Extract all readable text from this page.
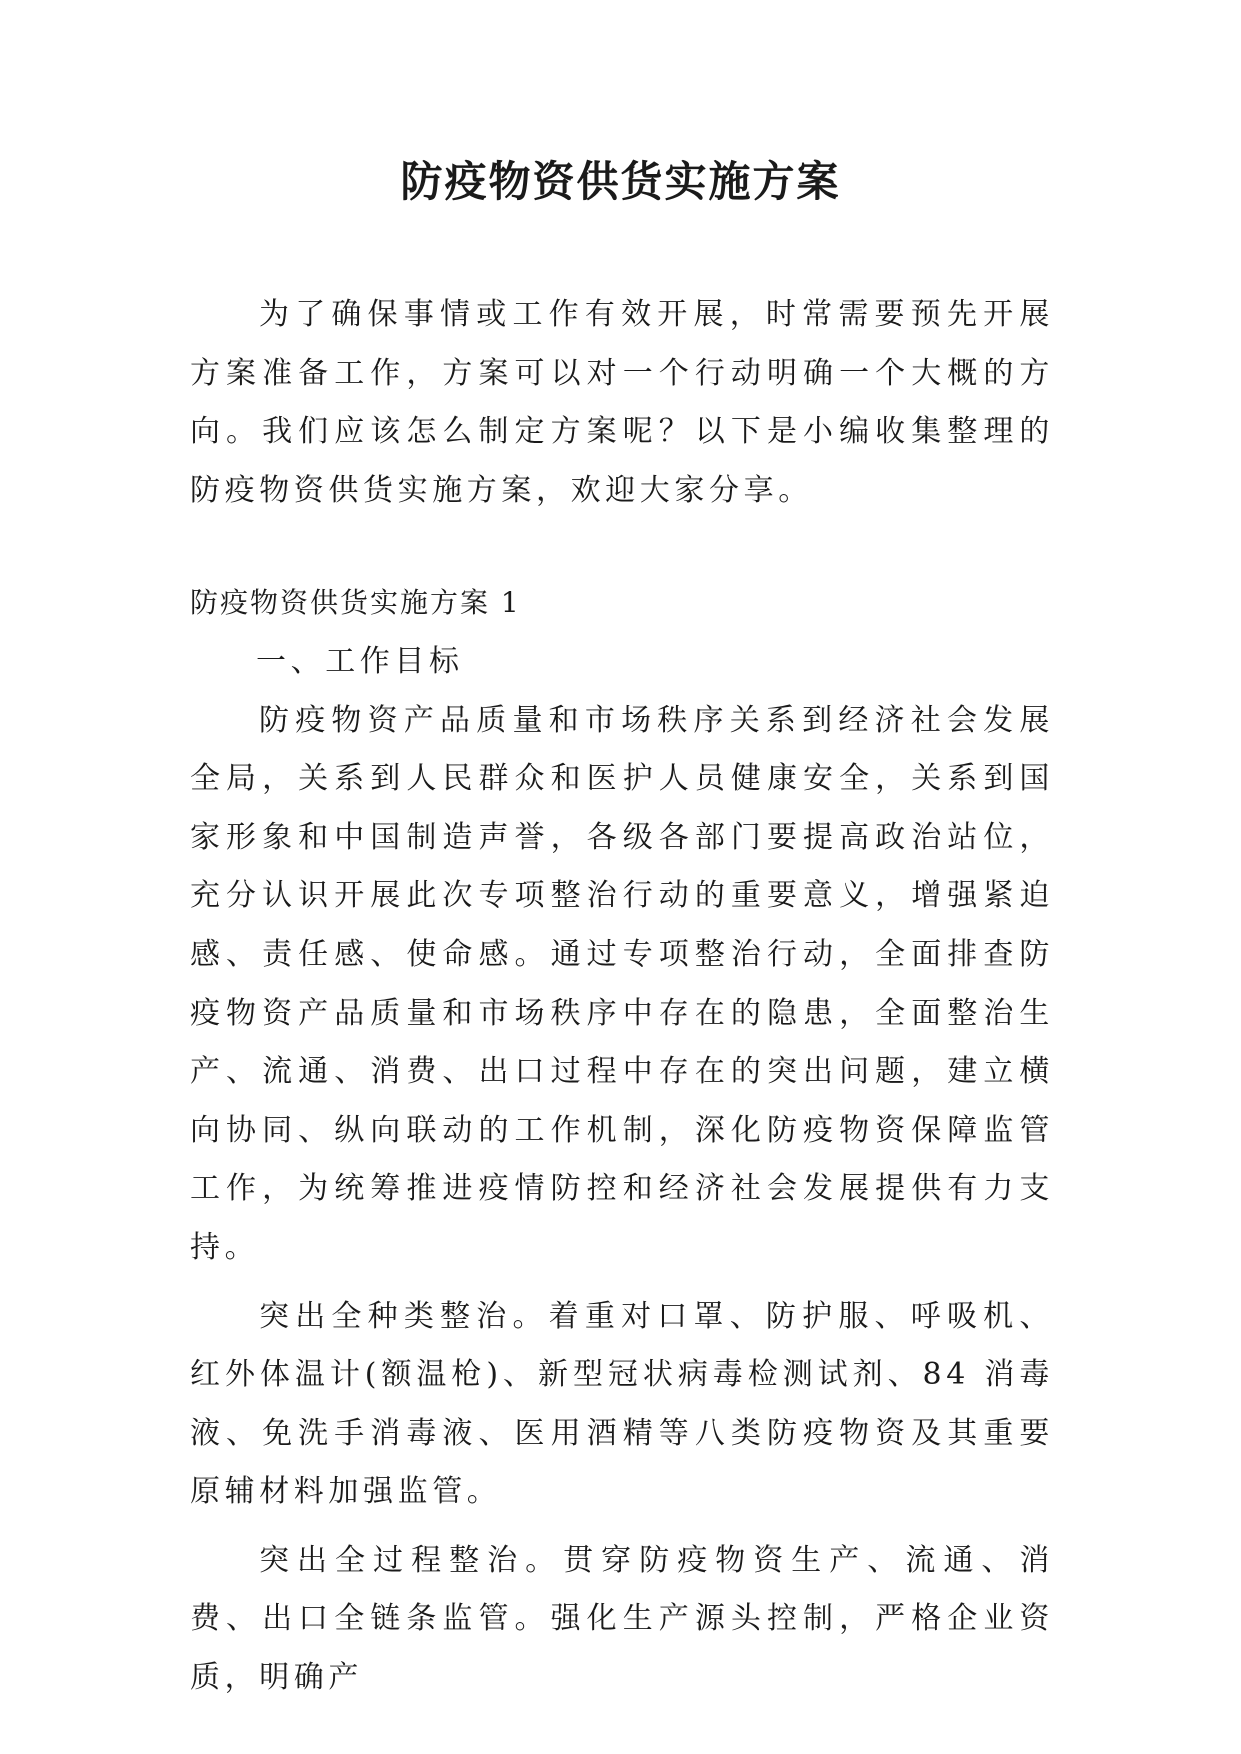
防疫物资供货实施方案

为了确保事情或工作有效开展，时常需要预先开展方案准备工作，方案可以对一个行动明确一个大概的方向。我们应该怎么制定方案呢？以下是小编收集整理的防疫物资供货实施方案，欢迎大家分享。

防疫物资供货实施方案 1

一、工作目标

防疫物资产品质量和市场秩序关系到经济社会发展全局，关系到人民群众和医护人员健康安全，关系到国家形象和中国制造声誉，各级各部门要提高政治站位，充分认识开展此次专项整治行动的重要意义，增强紧迫感、责任感、使命感。通过专项整治行动，全面排查防疫物资产品质量和市场秩序中存在的隐患，全面整治生产、流通、消费、出口过程中存在的突出问题，建立横向协同、纵向联动的工作机制，深化防疫物资保障监管工作，为统筹推进疫情防控和经济社会发展提供有力支持。

突出全种类整治。着重对口罩、防护服、呼吸机、红外体温计(额温枪)、新型冠状病毒检测试剂、84 消毒液、免洗手消毒液、医用酒精等八类防疫物资及其重要原辅材料加强监管。

突出全过程整治。贯穿防疫物资生产、流通、消费、出口全链条监管。强化生产源头控制，严格企业资质，明确产
